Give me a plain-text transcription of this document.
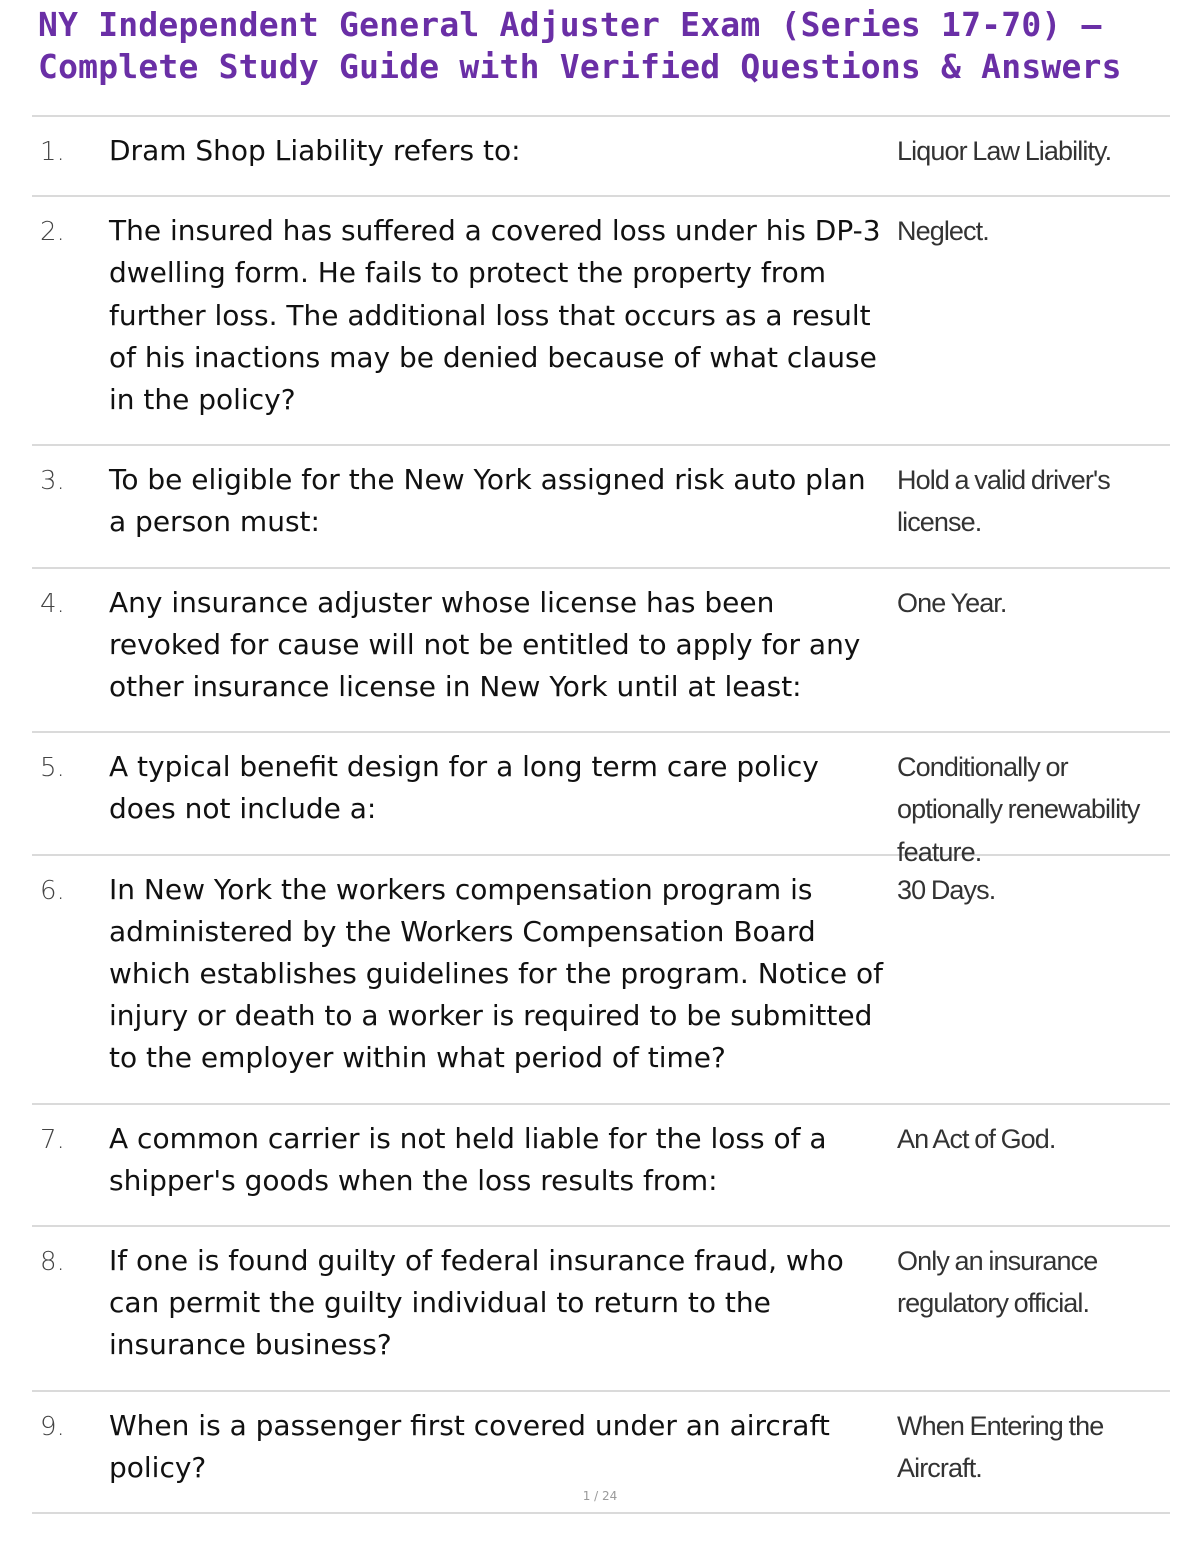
NY Independent General Adjuster Exam (Series 17-70) – Complete Study Guide with Verified Questions & Answers
1. Dram Shop Liability refers to:	Liquor Law Liability.
2. The insured has suffered a covered loss under his DP-3 dwelling form. He fails to protect the property from further loss. The additional loss that occurs as a result of his inactions may be denied because of what clause in the policy?
Neglect.
3. To be eligible for the New York assigned risk auto plan a person must:
Hold a valid driver's license.
4. Any insurance adjuster whose license has been revoked for cause will not be entitled to apply for any other insurance license in New York until at least:
One Year.
5. A typical benefit design for a long term care policy does not include a:
Conditionally or optionally renewability feature.
6. In New York the workers compensation program is administered by the Workers Compensation Board which establishes guidelines for the program. Notice of injury or death to a worker is required to be submitted to the employer within what period of time?
30 Days.
7. A common carrier is not held liable for the loss of a shipper's goods when the loss results from:
An Act of God.
8. If one is found guilty of federal insurance fraud, who can permit the guilty individual to return to the insurance business?
Only an insurance regulatory official.
9. When is a passenger first covered under an aircraft policy?
When Entering the Aircraft.
1 / 24
